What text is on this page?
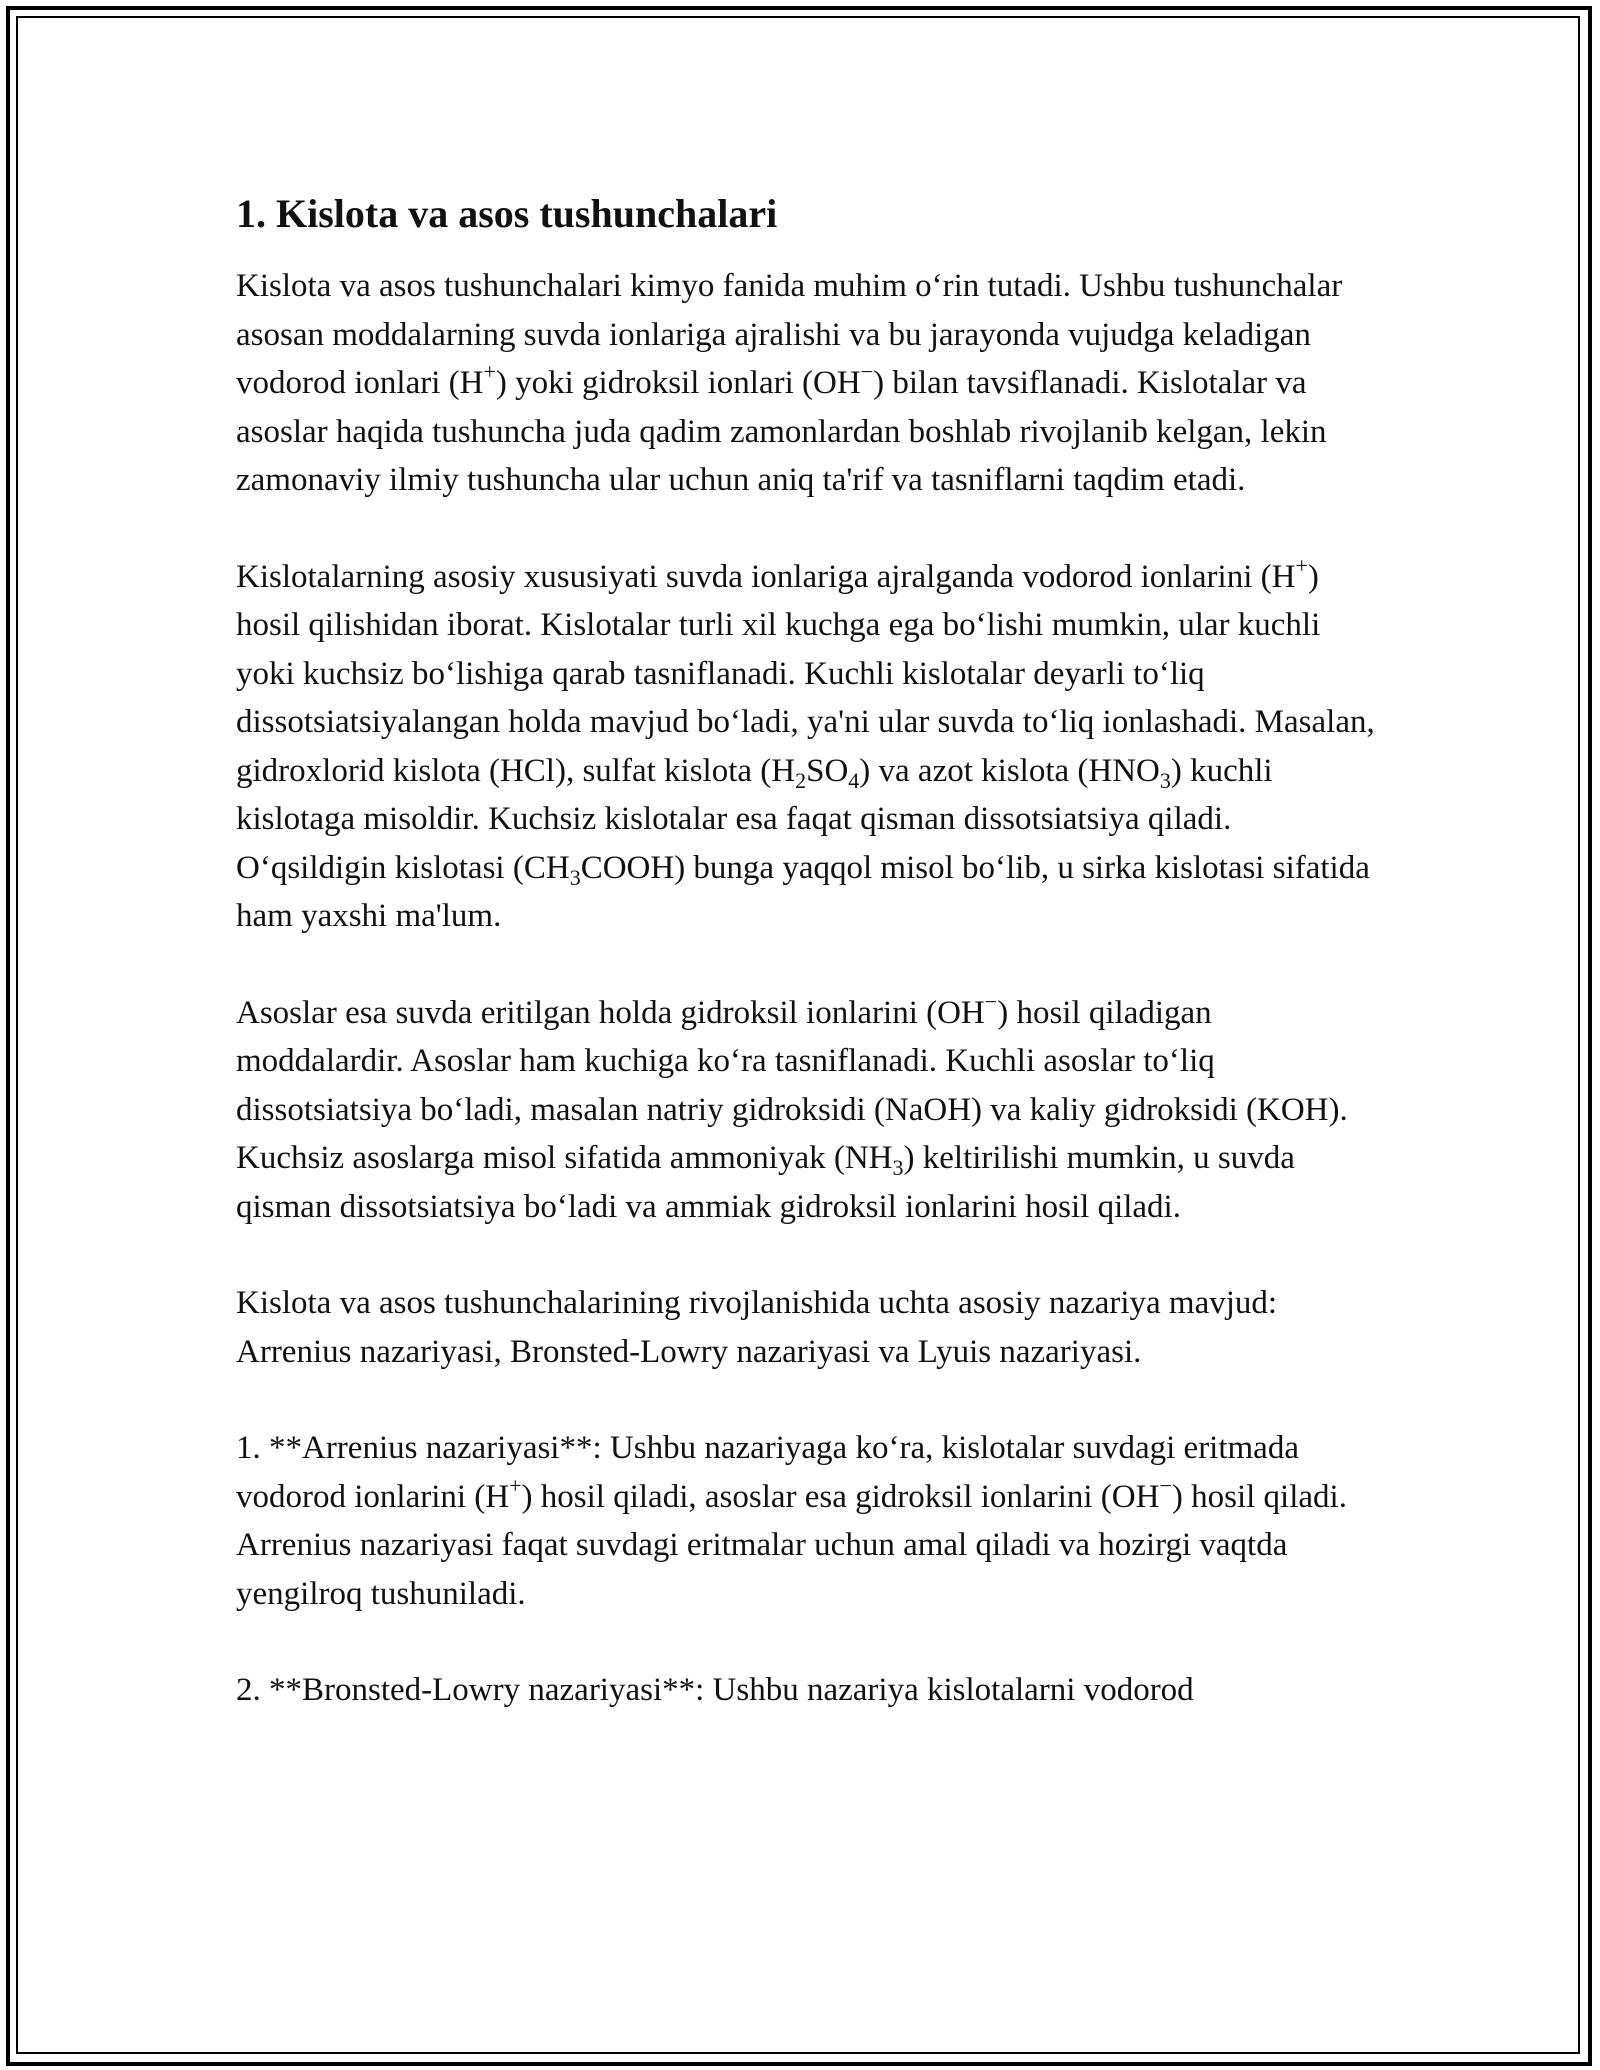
1. Kislota va asos tushunchalari

Kislota va asos tushunchalari kimyo fanida muhim o‘rin tutadi. Ushbu tushunchalar asosan moddalarning suvda ionlariga ajralishi va bu jarayonda vujudga keladigan vodorod ionlari (H+) yoki gidroksil ionlari (OH−) bilan tavsiflanadi. Kislotalar va asoslar haqida tushuncha juda qadim zamonlardan boshlab rivojlanib kelgan, lekin zamonaviy ilmiy tushuncha ular uchun aniq ta'rif va tasniflarni taqdim etadi.

Kislotalarning asosiy xususiyati suvda ionlariga ajralganda vodorod ionlarini (H+) hosil qilishidan iborat. Kislotalar turli xil kuchga ega bo‘lishi mumkin, ular kuchli yoki kuchsiz bo‘lishiga qarab tasniflanadi. Kuchli kislotalar deyarli to‘liq dissotsiatsiyalangan holda mavjud bo‘ladi, ya'ni ular suvda to‘liq ionlashadi. Masalan, gidroxlorid kislota (HCl), sulfat kislota $(H_2SO_4)$ va azot kislota $(HNO_3)$ kuchli kislotaga misoldir. Kuchsiz kislotalar esa faqat qisman dissotsiatsiya qiladi. O‘qsildigin kislotasi $(CH_3COOH)$ bunga yaqqol misol bo‘lib, u sirka kislotasi sifatida ham yaxshi ma'lum.

Asoslar esa suvda eritilgan holda gidroksil ionlarini (OH−) hosil qiladigan moddalardir. Asoslar ham kuchiga ko‘ra tasniflanadi. Kuchli asoslar to‘liq dissotsiatsiya bo‘ladi, masalan natriy gidroksidi (NaOH) va kaliy gidroksidi (KOH). Kuchsiz asoslarga misol sifatida ammoniyak $(NH_3)$ keltirilishi mumkin, u suvda qisman dissotsiatsiya bo‘ladi va ammiak gidroksil ionlarini hosil qiladi.

Kislota va asos tushunchalarining rivojlanishida uchta asosiy nazariya mavjud: Arrenius nazariyasi, Bronsted-Lowry nazariyasi va Lyuis nazariyasi.

1. **Arrenius nazariyasi**: Ushbu nazariyaga ko‘ra, kislotalar suvdagi eritmada vodorod ionlarini (H+) hosil qiladi, asoslar esa gidroksil ionlarini (OH−) hosil qiladi. Arrenius nazariyasi faqat suvdagi eritmalar uchun amal qiladi va hozirgi vaqtda yengilroq tushuniladi.

2. **Bronsted-Lowry nazariyasi**: Ushbu nazariya kislotalarni vodorod
